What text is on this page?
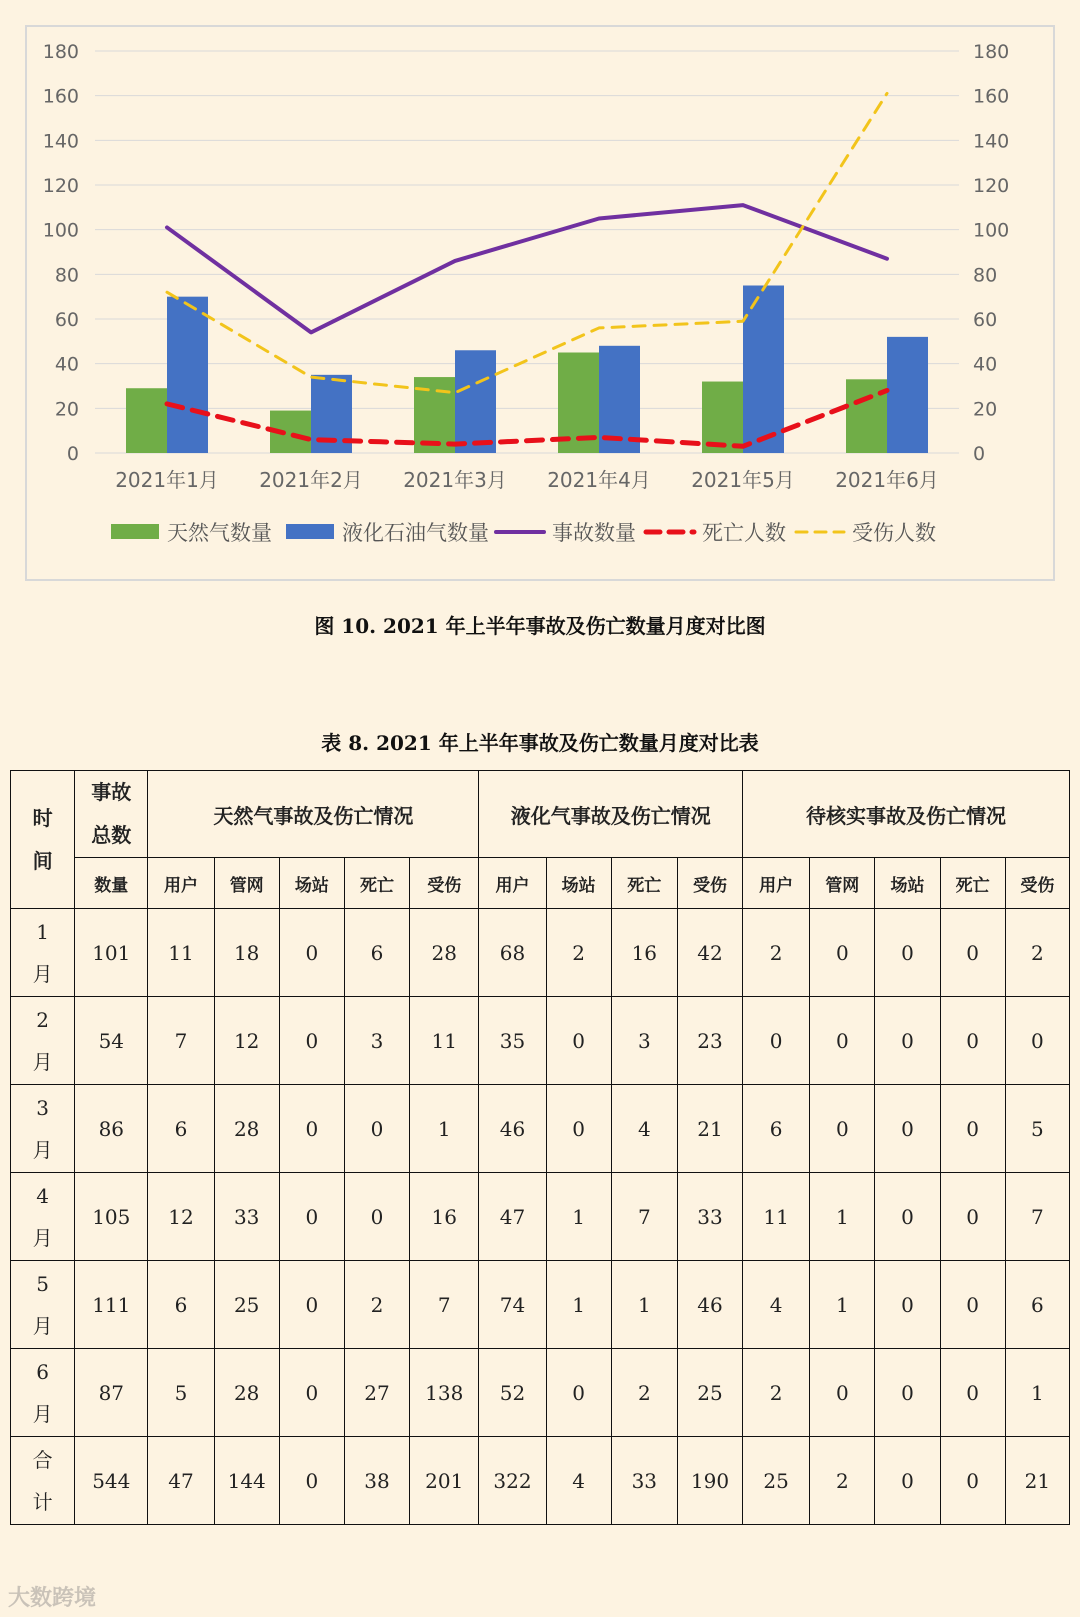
0
20
40
60
80
100
120
140
160
180
0
20
40
60
80
100
120
140
160
180
2021年1月 2021年2月 2021年3月 2021年4月 2021年5月 2021年6月
天然气数量	液化石油气数量	事故数量	死亡人数	受伤人数
图 10. 2021 年上半年事故及伤亡数量月度对比图
表 8. 2021 年上半年事故及伤亡数量月度对比表
时
间	事故
总数	天然气事故及伤亡情况					液化气事故及伤亡情况				待核实事故及伤亡情况				
	数量	用户	管网	场站	死亡	受伤	用户	场站	死亡	受伤	用户	管网	场站	死亡	受伤

1
月	101	11	18	0	6	28	68	2	16	42	2	0	0	0	2

2
月	54	7	12	0	3	11	35	0	3	23	0	0	0	0	0

3
月	86	6	28	0	0	1	46	0	4	21	6	0	0	0	5

4
月	105	12	33	0	0	16	47	1	7	33	11	1	0	0	7

5
月	111	6	25	0	2	7	74	1	1	46	4	1	0	0	6

6
月	87	5	28	0	27	138	52	0	2	25	2	0	0	0	1

合
计	544	47	144	0	38	201	322	4	33	190	25	2	0	0	21
大数跨境
